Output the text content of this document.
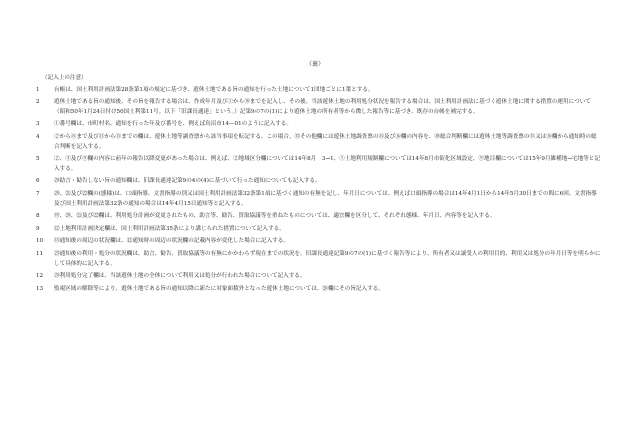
（裏）
（記入上の注意）
1	台帳は、国土利用計画法第28条第1項の規定に基づき、遊休土地である旨の通知を行った土地について1団地ごとに1葉とする。
2	遊休土地である旨の通知後、その旨を報告する場合は、作成年月及び①から⑱までを記入し、その後、当該遊休土地の利用処分状況を報告する場合は、国土利用計画法に基づく遊休土地に関する措置の運用について（昭和50年1月24日付け50国土利第11号。以下「旧課長通達」という。）記第9の7の(1)により遊休土地の所有者等から徴した報告等に基づき、既存の台帳を補完する。
3	①番号欄は、市町村名、通知を行った年及び番号を、例えば鳥沼市14—01のように記入する。
4	②から⑧まで及び⑪から⑮までの欄は、遊休土地等調査票から該当事項を転記する。この場合、⑬その他欄には遊休土地調査票の⑮及び⑯欄の内容を、⑩総合判断欄には遊休土地等調査票の⑮又は⑯欄から通知時の総合判断を記入する。
5	②、③及び⑨欄の内容に前年の報告以降変更があった場合は、例えば、②地域区分欄については14年8月　3→1、⑤土地利用規制欄については14年8月市街化区域設定、⑨地目欄については15年9月雑種地→宅地等と記入する。
6	⑳助言・勧告しない旨の通知欄は、旧課長通達記第9の4の(4)に基づいて行った通知についても記入する。
7	⑳、㉑及び㉒欄の(態様)は、口頭指導、文書指導の別又は国土利用計画法第32条第1項に基づく通知の有無を記し、年月日については、例えば口頭指導の場合は14年4月1日から14年5月30日までの間に6回、文書指導及び国土利用計画法第32条の通知の場合は14年4月15日通知等と記入する。
8	⑲、⑳、㉑及び㉒欄は、利用処分計画が変更されたもの、助言等、勧告、買取協議等を重ねたものについては、適宜欄を区分して、それぞれ態様、年月日、内容等を記入する。
9	⑫土地利用計画決定欄は、国土利用計画法第35条により講じられた措置について記入する。
10	⑬通知後の周辺の状況欄は、⑫通知時の周辺の状況欄の記載内容が変化した場合に記入する。
11	㉓通知後の利用・処分の状況欄は、助言、勧告、買取協議等の有無にかかわらず現在までの状況を、旧課長通達記第9の7の(1)に基づく報告等により、所有者又は譲受人の利用目的、利用又は処分の年月日等を明らかにして具体的に記入する。
12	㉔利用処分完了欄は、当該遊休土地の全体について利用又は処分が行われた場合について記入する。
13	監視区域の解除等により、遊休土地である旨の通知以降に新たに対象面積外となった遊休土地については、㉖欄にその旨記入する。
